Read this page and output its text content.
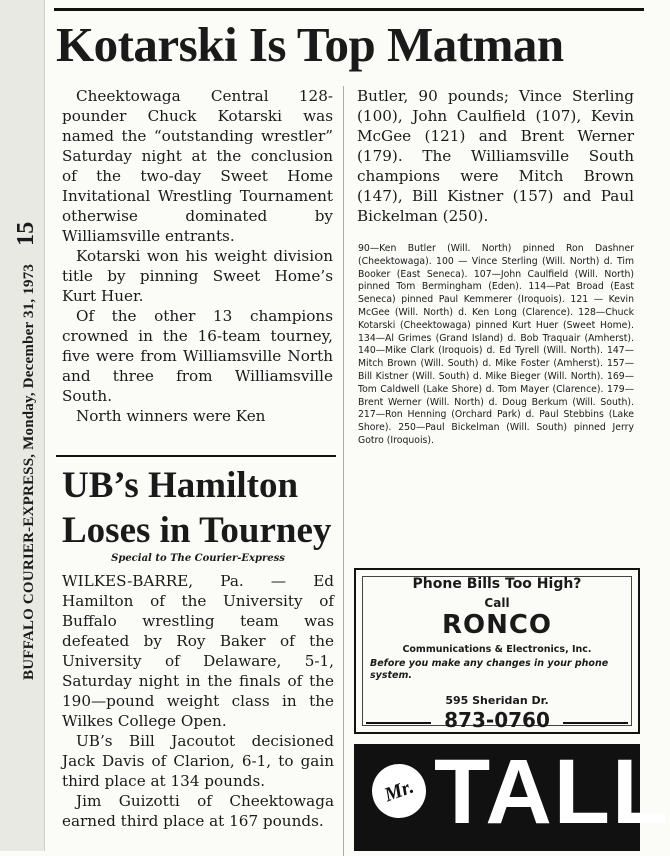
BUFFALO COURIER-EXPRESS, Monday, December 31, 1973 15
Kotarski Is Top Matman

Cheektowaga Central 128-pounder Chuck Kotarski was named the “outstanding wrestler” Saturday night at the conclusion of the two-day Sweet Home Invitational Wrestling Tournament otherwise dominated by Williamsville entrants.

Kotarski won his weight division title by pinning Sweet Home’s Kurt Huer.

Of the other 13 champions crowned in the 16-team tourney, five were from Williamsville North and three from Williamsville South.

North winners were Ken

Butler, 90 pounds; Vince Sterling (100), John Caulfield (107), Kevin McGee (121) and Brent Werner (179). The Williamsville South champions were Mitch Brown (147), Bill Kistner (157) and Paul Bickelman (250).

90—Ken Butler (Will. North) pinned Ron Dashner (Cheektowaga). 100 — Vince Sterling (Will. North) d. Tim Booker (East Seneca). 107—John Caulfield (Will. North) pinned Tom Bermingham (Eden). 114—Pat Broad (East Seneca) pinned Paul Kemmerer (Iroquois). 121 — Kevin McGee (Will. North) d. Ken Long (Clarence). 128—Chuck Kotarski (Cheektowaga) pinned Kurt Huer (Sweet Home). 134—Al Grimes (Grand Island) d. Bob Traquair (Amherst). 140—Mike Clark (Iroquois) d. Ed Tyrell (Will. North). 147—Mitch Brown (Will. South) d. Mike Foster (Amherst). 157—Bill Kistner (Will. South) d. Mike Bieger (Will. North). 169—Tom Caldwell (Lake Shore) d. Tom Mayer (Clarence). 179—Brent Werner (Will. North) d. Doug Berkum (Will. South). 217—Ron Henning (Orchard Park) d. Paul Stebbins (Lake Shore). 250—Paul Bickelman (Will. South) pinned Jerry Gotro (Iroquois).
UB’s Hamilton
Loses in Tourney
Special to The Courier-Express

WILKES-BARRE, Pa. — Ed Hamilton of the University of Buffalo wrestling team was defeated by Roy Baker of the University of Delaware, 5-1, Saturday night in the finals of the 190—pound weight class in the Wilkes College Open.

UB’s Bill Jacoutot decisioned Jack Davis of Clarion, 6-1, to gain third place at 134 pounds.

Jim Guizotti of Cheektowaga earned third place at 167 pounds.

Phone Bills Too High?
Call
RONCO
Communications & Electronics, Inc.
Before you make any changes in your phone system.
595 Sheridan Dr.
873-0760
Mr. TALL
